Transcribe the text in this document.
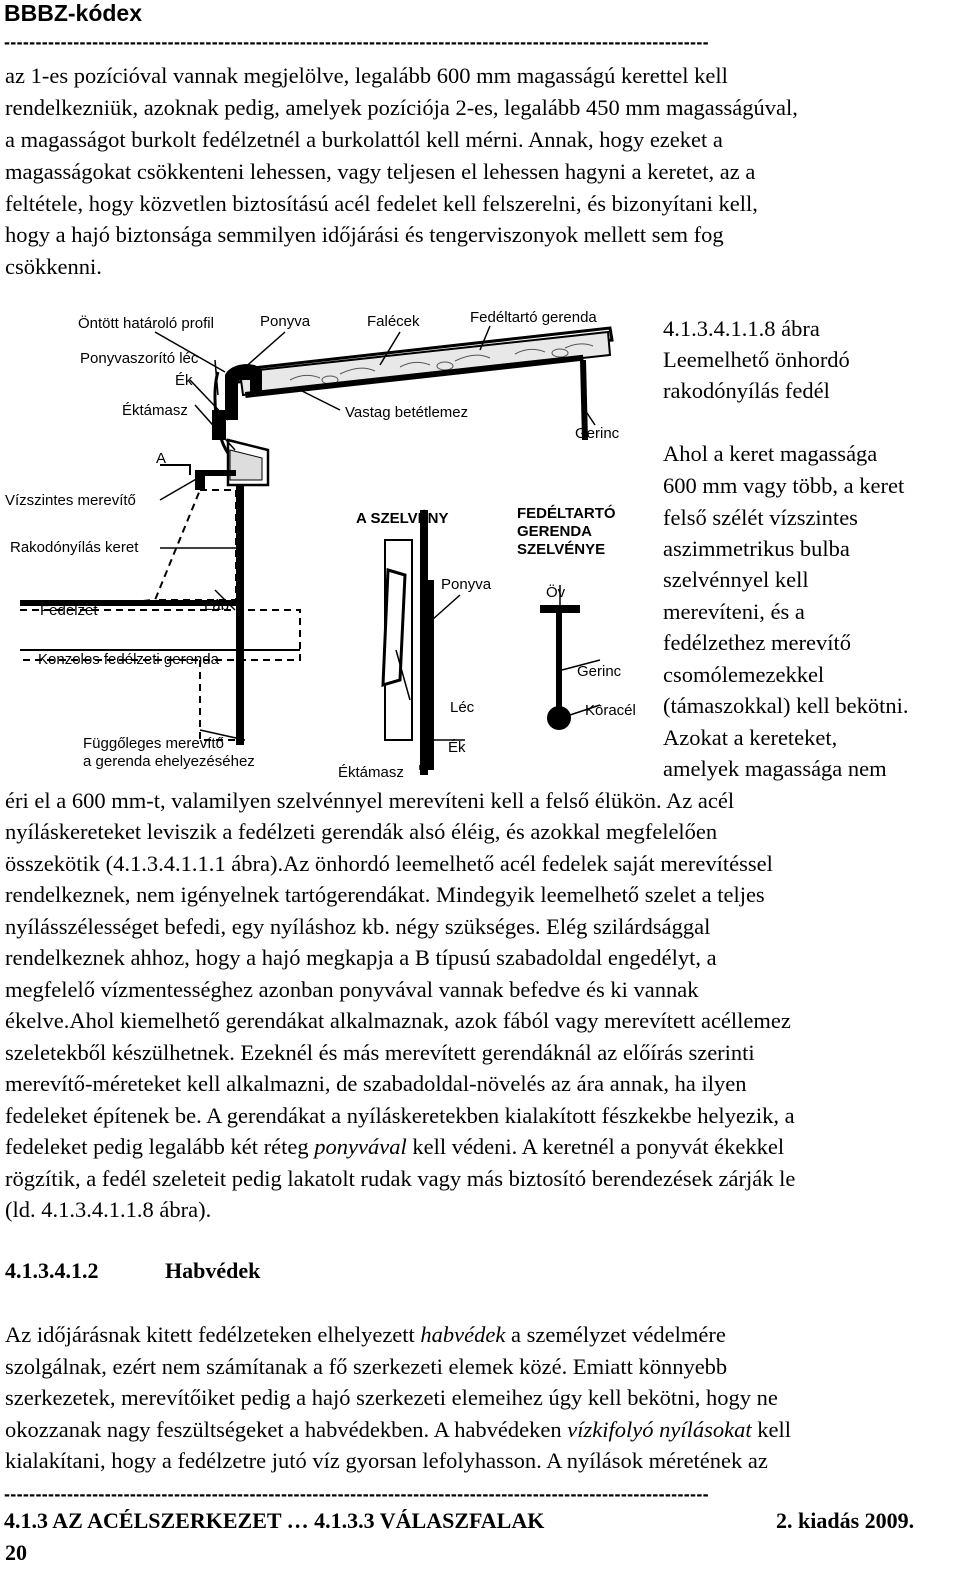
BBBZ-kódex
----------------------------------------------------------------------------------------------------------------
az 1-es pozícióval vannak megjelölve, legalább 600 mm magasságú kerettel kell
rendelkezniük, azoknak pedig, amelyek pozíciója 2-es, legalább 450 mm magasságúval,
a magasságot burkolt fedélzetnél a burkolattól kell mérni. Annak, hogy ezeket a
magasságokat csökkenteni lehessen, vagy teljesen el lehessen hagyni a keretet, az a
feltétele, hogy közvetlen biztosítású acél fedelet kell felszerelni, és bizonyítani kell,
hogy a hajó biztonsága semmilyen időjárási és tengerviszonyok mellett sem fog
csökkenni.
Öntött határoló profil	Ponyva	Falécek	Fedéltartó gerenda
Ponyvaszorító léc
Ék
Éktámasz	Vastag betétlemez
Gerinc
A
Vízszintes merevítő
A SZELVÉNY	FEDÉLTARTÓ
GERENDA
SZELVÉNYE
Rakodónyílás keret
Ponyva	Öv
Fedélzet	Láb
Konzolos fedélzeti gerenda
Gerinc
Léc	Köracél
Függőleges merevítő
a gerenda ehelyezéséhez
Ék
Éktámasz
4.1.3.4.1.1.8 ábra
Leemelhető önhordó
rakodónyílás fedél
Ahol a keret magassága
600 mm vagy több, a keret
felső szélét vízszintes
aszimmetrikus bulba
szelvénnyel kell
merevíteni, és a
fedélzethez merevítő
csomólemezekkel
(támaszokkal) kell bekötni.
Azokat a kereteket,
amelyek magassága nem
éri el a 600 mm-t, valamilyen szelvénnyel merevíteni kell a felső élükön. Az acél
nyíláskereteket leviszik a fedélzeti gerendák alsó éléig, és azokkal megfelelően
összekötik (4.1.3.4.1.1.1 ábra).Az önhordó leemelhető acél fedelek saját merevítéssel
rendelkeznek, nem igényelnek tartógerendákat. Mindegyik leemelhető szelet a teljes
nyílásszélességet befedi, egy nyíláshoz kb. négy szükséges. Elég szilárdsággal
rendelkeznek ahhoz, hogy a hajó megkapja a B típusú szabadoldal engedélyt, a
megfelelő vízmentességhez azonban ponyvával vannak befedve és ki vannak
ékelve.Ahol kiemelhető gerendákat alkalmaznak, azok fából vagy merevített acéllemez
szeletekből készülhetnek. Ezeknél és más merevített gerendáknál az előírás szerinti
merevítő-méreteket kell alkalmazni, de szabadoldal-növelés az ára annak, ha ilyen
fedeleket építenek be. A gerendákat a nyíláskeretekben kialakított fészkekbe helyezik, a
fedeleket pedig legalább két réteg ponyvával kell védeni. A keretnél a ponyvát ékekkel
rögzítik, a fedél szeleteit pedig lakatolt rudak vagy más biztosító berendezések zárják le
(ld. 4.1.3.4.1.1.8 ábra).
4.1.3.4.1.2	Habvédek
Az időjárásnak kitett fedélzeteken elhelyezett habvédek a személyzet védelmére
szolgálnak, ezért nem számítanak a fő szerkezeti elemek közé. Emiatt könnyebb
szerkezetek, merevítőiket pedig a hajó szerkezeti elemeihez úgy kell bekötni, hogy ne
okozzanak nagy feszültségeket a habvédekben. A habvédeken vízkifolyó nyílásokat kell
kialakítani, hogy a fedélzetre jutó víz gyorsan lefolyhasson. A nyílások méretének az
----------------------------------------------------------------------------------------------------------------
4.1.3 AZ ACÉLSZERKEZET … 4.1.3.3 VÁLASZFALAK	2. kiadás 2009.
20
